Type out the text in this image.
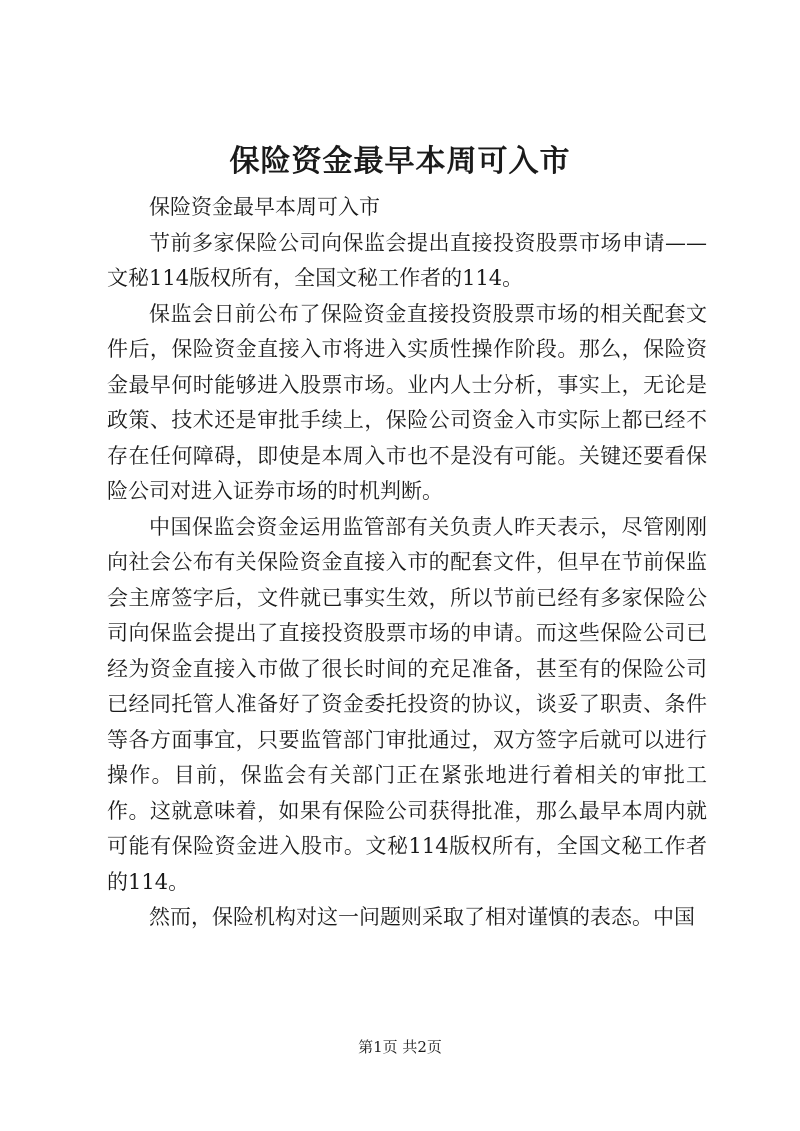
保险资金最早本周可入市

保险资金最早本周可入市

节前多家保险公司向保监会提出直接投资股票市场申请——文秘114版权所有，全国文秘工作者的114。

保监会日前公布了保险资金直接投资股票市场的相关配套文件后，保险资金直接入市将进入实质性操作阶段。那么，保险资金最早何时能够进入股票市场。业内人士分析，事实上，无论是政策、技术还是审批手续上，保险公司资金入市实际上都已经不存在任何障碍，即使是本周入市也不是没有可能。关键还要看保险公司对进入证券市场的时机判断。

中国保监会资金运用监管部有关负责人昨天表示，尽管刚刚向社会公布有关保险资金直接入市的配套文件，但早在节前保监会主席签字后，文件就已事实生效，所以节前已经有多家保险公司向保监会提出了直接投资股票市场的申请。而这些保险公司已经为资金直接入市做了很长时间的充足准备，甚至有的保险公司已经同托管人准备好了资金委托投资的协议，谈妥了职责、条件等各方面事宜，只要监管部门审批通过，双方签字后就可以进行操作。目前，保监会有关部门正在紧张地进行着相关的审批工作。这就意味着，如果有保险公司获得批准，那么最早本周内就可能有保险资金进入股市。文秘114版权所有，全国文秘工作者的114。

然而，保险机构对这一问题则采取了相对谨慎的表态。中国

第1页 共2页
